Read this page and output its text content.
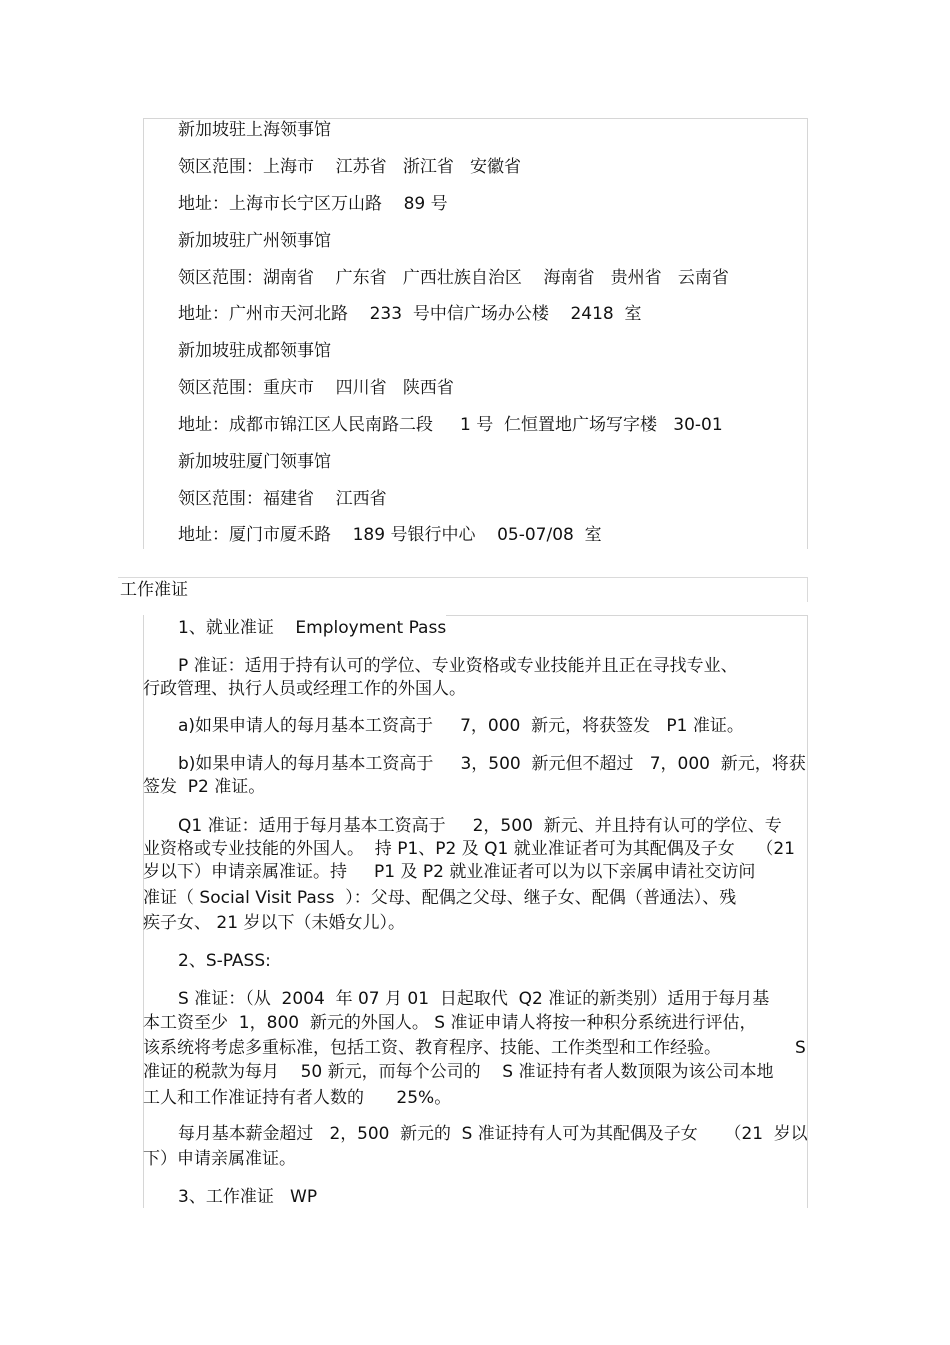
新加坡驻上海领事馆
领区范围：上海市    江苏省   浙江省   安徽省
地址：上海市长宁区万山路    89 号
新加坡驻广州领事馆
领区范围：湖南省    广东省   广西壮族自治区    海南省   贵州省   云南省
地址：广州市天河北路    233  号中信广场办公楼    2418  室
新加坡驻成都领事馆
领区范围：重庆市    四川省   陕西省
地址：成都市锦江区人民南路二段     1 号  仁恒置地广场写字楼   30-01
新加坡驻厦门领事馆
领区范围：福建省    江西省
地址：厦门市厦禾路    189 号银行中心    05-07/08  室
工作准证
1、就业准证    Employment Pass
P 准证：适用于持有认可的学位、专业资格或专业技能并且正在寻找专业、
行政管理、执行人员或经理工作的外国人。
a)如果申请人的每月基本工资高于     7，000  新元，将获签发   P1 准证。
b)如果申请人的每月基本工资高于     3，500  新元但不超过   7，000  新元，将获
签发  P2 准证。
Q1 准证：适用于每月基本工资高于     2，500  新元、并且持有认可的学位、专
业资格或专业技能的外国人。  持 P1、P2 及 Q1 就业准证者可为其配偶及子女    （21
岁以下）申请亲属准证。持     P1 及 P2 就业准证者可以为以下亲属申请社交访问
准证（ Social Visit Pass  ）：父母、配偶之父母、继子女、配偶（普通法）、残
疾子女、 21 岁以下（未婚女儿）。
2、S-PASS:
S 准证：（从  2004  年 07 月 01  日起取代  Q2 准证的新类别）适用于每月基
本工资至少  1，800  新元的外国人。 S 准证申请人将按一种积分系统进行评估，
该系统将考虑多重标准，包括工资、教育程序、技能、工作类型和工作经验。	S
准证的税款为每月    50 新元，而每个公司的    S 准证持有者人数顶限为该公司本地
工人和工作准证持有者人数的      25%。
每月基本薪金超过   2，500  新元的  S 准证持有人可为其配偶及子女     （21  岁以
下）申请亲属准证。
3、工作准证   WP
